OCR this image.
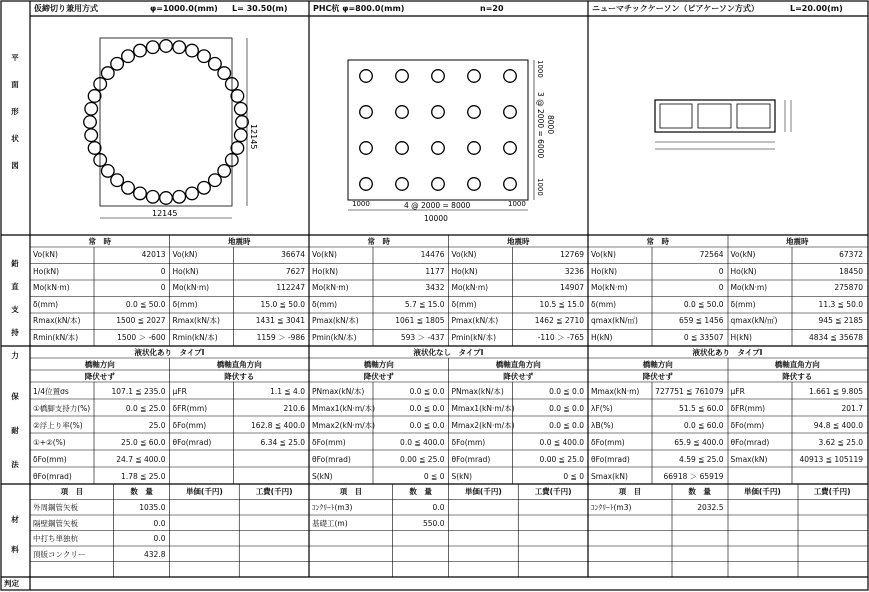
平
面
形
状
図
鉛
直
支
持
力
保
耐
法
材
料
判定
仮締切り兼用方式	φ=1000.0(mm) L= 30.50(m)	PHC杭 φ=800.0(mm)	n=20	ニューマチックケーソン（ピアケーソン方式）	L=20.00(m)
12145
12145
3 @ 2000 = 6000 8000
1000
1000
1000	1000
4 @ 2000 = 8000
10000
常　時	地震時
Vo(kN)	42013 Vo(kN)	36674
Ho(kN)	0 Ho(kN)	7627
Mo(kN·m)	0 Mo(kN·m)	112247
δ(mm)	0.0 ≦ 50.0 δ(mm)	15.0 ≦ 50.0
Rmax(kN/本)	1500 ≦ 2027 Rmax(kN/本)	1431 ≦ 3041
Rmin(kN/本)	1500 ＞ -600 Rmin(kN/本)	1159 ＞ -986
液状化あり　タイプⅠ
橋軸方向	橋軸直角方向
降伏せず	降伏する
1/4位置σs	107.1 ≦ 235.0 μFR	1.1 ≦ 4.0
①橋脚支持力(%)	0.0 ≦ 25.0 δFR(mm)	210.6
②浮上り率(%)	25.0 δFo(mm)	162.8 ≦ 400.0
①+②(%)	25.0 ≦ 60.0 θFo(mrad)	6.34 ≦ 25.0
δFo(mm)	24.7 ≦ 400.0
θFo(mrad)	1.78 ≦ 25.0
項　目	数　量	単価(千円)	工費(千円)
外周鋼管矢板	1035.0
隔壁鋼管矢板	0.0
中打ち単独杭	0.0
頂版コンクリー	432.8
常　時	地震時
Vo(kN)	14476 Vo(kN)	12769
Ho(kN)	1177 Ho(kN)	3236
Mo(kN·m)	3432 Mo(kN·m)	14907
δ(mm)	5.7 ≦ 15.0 δ(mm)	10.5 ≦ 15.0
Pmax(kN/本)	1061 ≦ 1805 Pmax(kN/本)	1462 ≦ 2710
Pmin(kN/本)	593 ＞ -437 Pmin(kN/本)	-110 ＞ -765
液状化なし　タイプⅠ
橋軸方向	橋軸直角方向
降伏せず	降伏せず
PNmax(kN/本)	0.0 ≦ 0.0 PNmax(kN/本)	0.0 ≦ 0.0
Mmax1(kN·m/本)	0.0 ≦ 0.0 Mmax1(kN·m/本)	0.0 ≦ 0.0
Mmax2(kN·m/本)	0.0 ≦ 0.0 Mmax2(kN·m/本)	0.0 ≦ 0.0
δFo(mm)	0.0 ≦ 400.0 δFo(mm)	0.0 ≦ 400.0
θFo(mrad)	0.00 ≦ 25.0 θFo(mrad)	0.00 ≦ 25.0
S(kN)	0 ≦ 0 S(kN)	0 ≦ 0
項　目	数　量	単価(千円)	工費(千円)
ｺﾝｸﾘｰﾄ(m3)	0.0
基礎工(m)	550.0
常　時	地震時
Vo(kN)	72564 Vo(kN)	67372
Ho(kN)	0 Ho(kN)	18450
Mo(kN·m)	0 Mo(kN·m)	275870
δ(mm)	0.0 ≦ 50.0 δ(mm)	11.3 ≦ 50.0
qmax(kN/㎡)	659 ≦ 1456 qmax(kN/㎡)	945 ≦ 2185
H(kN)	0 ≦ 33507 H(kN)	4834 ≦ 35678
液状化あり　タイプⅠ
橋軸方向	橋軸直角方向
降伏せず	降伏する
Mmax(kN·m)	727751 ≦ 761079 μFR	1.661 ≦ 9.805
λF(%)	51.5 ≦ 60.0 δFR(mm)	201.7
λB(%)	0.0 ≦ 60.0 δFo(mm)	94.8 ≦ 400.0
δFo(mm)	65.9 ≦ 400.0 θFo(mrad)	3.62 ≦ 25.0
θFo(mrad)	4.59 ≦ 25.0 Smax(kN)	40913 ≦ 105119
Smax(kN)	66918 ＞ 65919
項　目	数　量	単価(千円)	工費(千円)
ｺﾝｸﾘｰﾄ(m3)	2032.5
